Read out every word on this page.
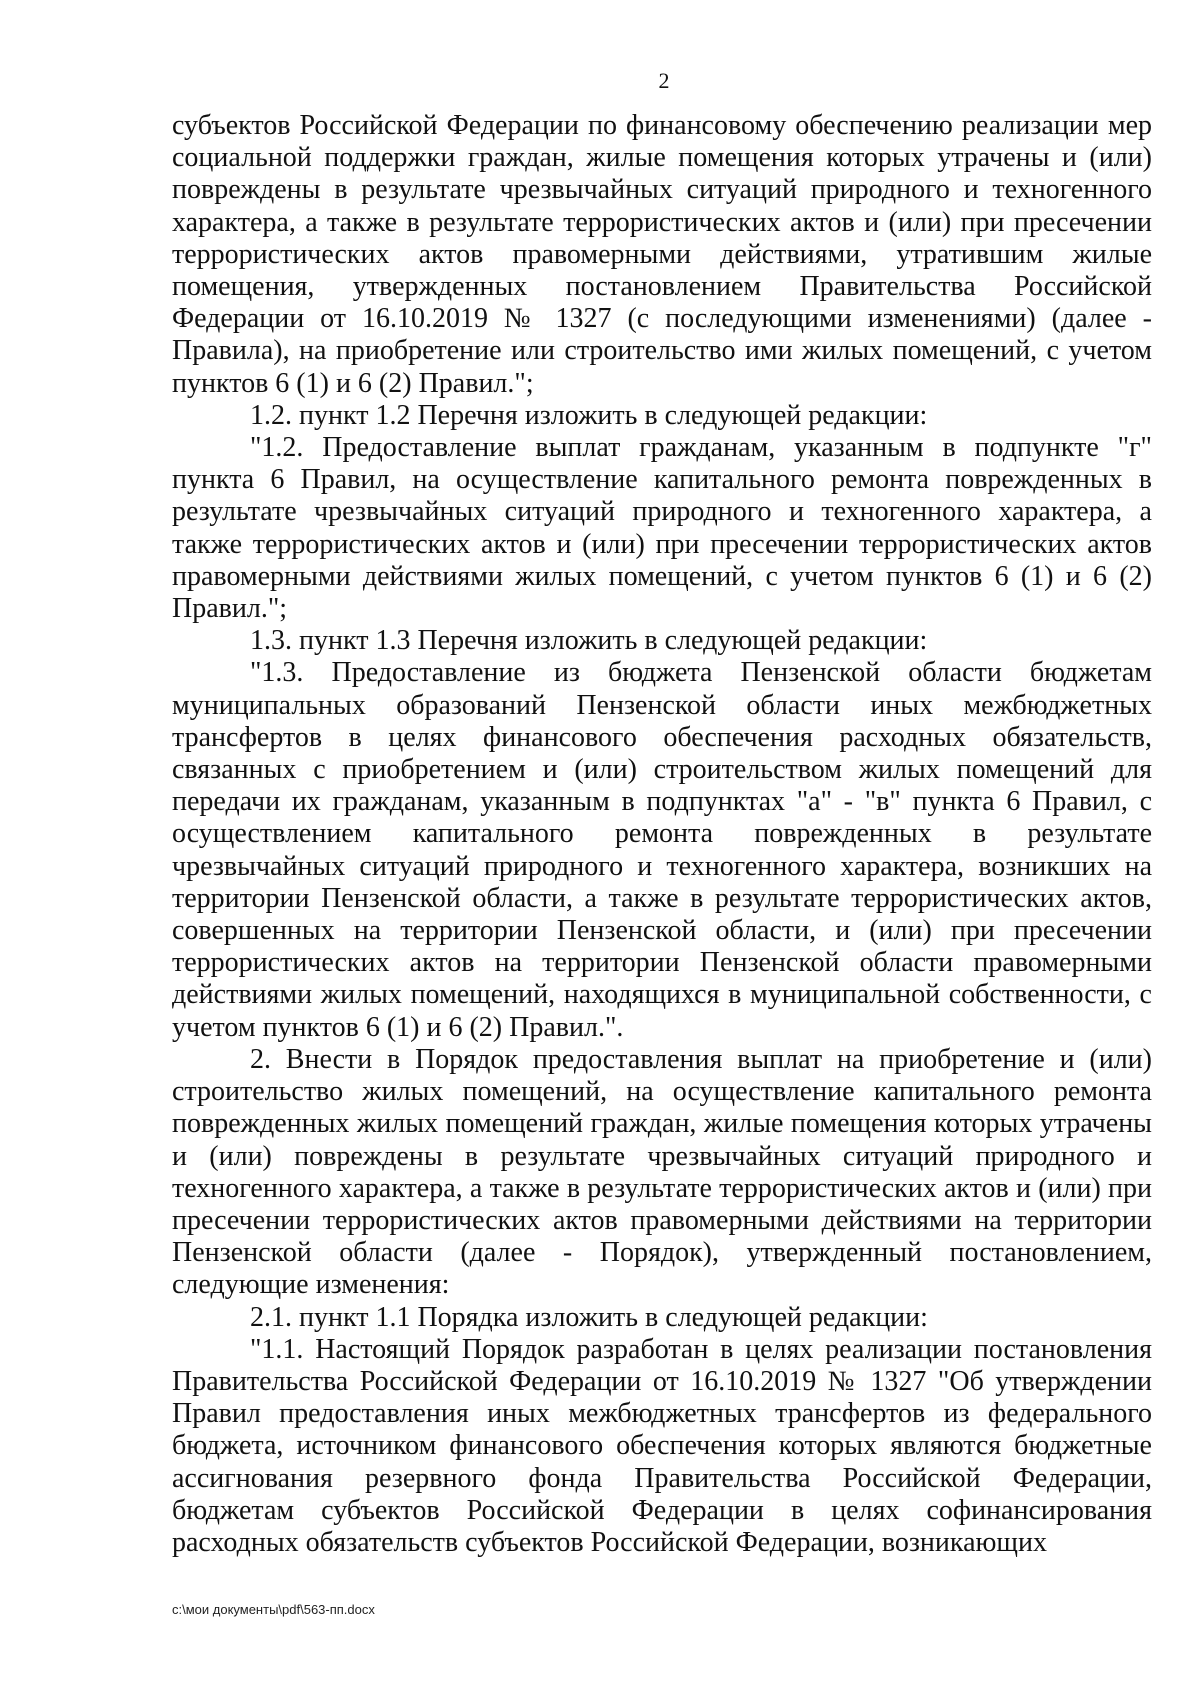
2

субъектов Российской Федерации по финансовому обеспечению реализации мер социальной поддержки граждан, жилые помещения которых утрачены и (или) повреждены в результате чрезвычайных ситуаций природного и техногенного характера, а также в результате террористических актов и (или) при пресечении террористических актов правомерными действиями, утратившим жилые помещения, утвержденных постановлением Правительства Российской Федерации от 16.10.2019 № 1327 (с последующими изменениями) (далее - Правила), на приобретение или строительство ими жилых помещений, с учетом пунктов 6 (1) и 6 (2) Правил.";

1.2. пункт 1.2 Перечня изложить в следующей редакции:

"1.2. Предоставление выплат гражданам, указанным в подпункте "г" пункта 6 Правил, на осуществление капитального ремонта поврежденных в результате чрезвычайных ситуаций природного и техногенного характера, а также террористических актов и (или) при пресечении террористических актов правомерными действиями жилых помещений, с учетом пунктов 6 (1) и 6 (2) Правил.";

1.3. пункт 1.3 Перечня изложить в следующей редакции:

"1.3. Предоставление из бюджета Пензенской области бюджетам муниципальных образований Пензенской области иных межбюджетных трансфертов в целях финансового обеспечения расходных обязательств, связанных с приобретением и (или) строительством жилых помещений для передачи их гражданам, указанным в подпунктах "а" - "в" пункта 6 Правил, с осуществлением капитального ремонта поврежденных в результате чрезвычайных ситуаций природного и техногенного характера, возникших на территории Пензенской области, а также в результате террористических актов, совершенных на территории Пензенской области, и (или) при пресечении террористических актов на территории Пензенской области правомерными действиями жилых помещений, находящихся в муниципальной собственности, с учетом пунктов 6 (1) и 6 (2) Правил.".

2. Внести в Порядок предоставления выплат на приобретение и (или) строительство жилых помещений, на осуществление капитального ремонта поврежденных жилых помещений граждан, жилые помещения которых утрачены и (или) повреждены в результате чрезвычайных ситуаций природного и техногенного характера, а также в результате террористических актов и (или) при пресечении террористических актов правомерными действиями на территории Пензенской области (далее - Порядок), утвержденный постановлением, следующие изменения:

2.1. пункт 1.1 Порядка изложить в следующей редакции:

"1.1. Настоящий Порядок разработан в целях реализации постановления Правительства Российской Федерации от 16.10.2019 № 1327 "Об утверждении Правил предоставления иных межбюджетных трансфертов из федерального бюджета, источником финансового обеспечения которых являются бюджетные ассигнования резервного фонда Правительства Российской Федерации, бюджетам субъектов Российской Федерации в целях софинансирования расходных обязательств субъектов Российской Федерации, возникающих

c:\мои документы\pdf\563-пп.docx
